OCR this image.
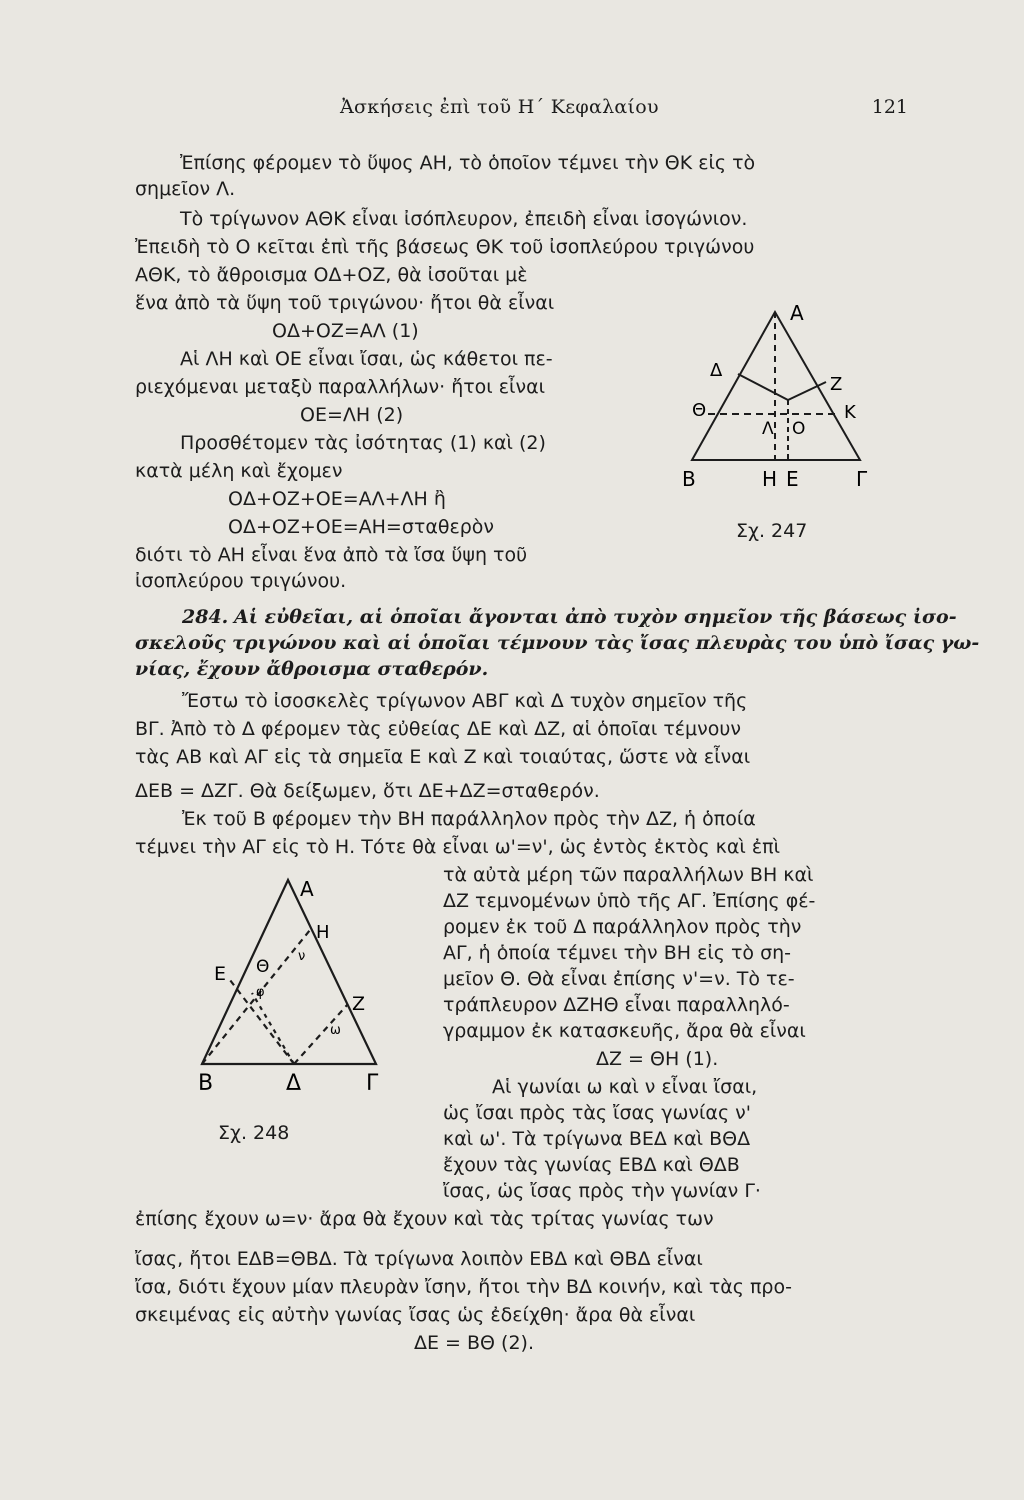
Ἀσκήσεις ἐπὶ τοῦ Η΄ Κεφαλαίου	121
Ἐπίσης φέρομεν τὸ ὕψος ΑΗ, τὸ ὁποῖον τέμνει τὴν ΘΚ εἰς τὸ
σημεῖον Λ.
Τὸ τρίγωνον ΑΘΚ εἶναι ἰσόπλευρον, ἐπειδὴ εἶναι ἰσογώνιον.
Ἐπειδὴ τὸ Ο κεῖται ἐπὶ τῆς βάσεως ΘΚ τοῦ ἰσοπλεύρου τριγώνου
ΑΘΚ, τὸ ἄθροισμα ΟΔ+ΟΖ, θὰ ἰσοῦται μὲ
ἕνα ἀπὸ τὰ ὕψη τοῦ τριγώνου· ἤτοι θὰ εἶναι
ΟΔ+ΟΖ=ΑΛ (1)
Αἱ ΛΗ καὶ ΟΕ εἶναι ἴσαι, ὡς κάθετοι πε-
ριεχόμεναι μεταξὺ παραλλήλων· ἤτοι εἶναι
ΟΕ=ΛΗ (2)
Προσθέτομεν τὰς ἰσότητας (1) καὶ (2)
κατὰ μέλη καὶ ἔχομεν
ΟΔ+ΟΖ+ΟΕ=ΑΛ+ΛΗ ἢ
ΟΔ+ΟΖ+ΟΕ=ΑΗ=σταθερὸν
διότι τὸ ΑΗ εἶναι ἕνα ἀπὸ τὰ ἴσα ὕψη τοῦ
ἰσοπλεύρου τριγώνου.
Α
Δ
Ζ
Θ	Κ
Λ Ο
Β	Η Ε	Γ
Σχ. 247
284. Αἱ εὐθεῖαι, αἱ ὁποῖαι ἄγονται ἀπὸ τυχὸν σημεῖον τῆς βάσεως ἰσο-
σκελοῦς τριγώνου καὶ αἱ ὁποῖαι τέμνουν τὰς ἴσας πλευρὰς του ὑπὸ ἴσας γω-
νίας, ἔχουν ἄθροισμα σταθερόν.
Ἔστω τὸ ἰσοσκελὲς τρίγωνον ΑΒΓ καὶ Δ τυχὸν σημεῖον τῆς
ΒΓ. Ἀπὸ τὸ Δ φέρομεν τὰς εὐθείας ΔΕ καὶ ΔΖ, αἱ ὁποῖαι τέμνουν
τὰς ΑΒ καὶ ΑΓ εἰς τὰ σημεῖα Ε καὶ Ζ καὶ τοιαύτας, ὥστε νὰ εἶναι
ΔΕΒ = ΔΖΓ. Θὰ δείξωμεν, ὅτι ΔΕ+ΔΖ=σταθερόν.
Ἐκ τοῦ Β φέρομεν τὴν ΒΗ παράλληλον πρὸς τὴν ΔΖ, ἡ ὁποία
τέμνει τὴν ΑΓ εἰς τὸ Η. Τότε θὰ εἶναι ω'=ν', ὡς ἐντὸς ἐκτὸς καὶ ἐπὶ
τὰ αὐτὰ μέρη τῶν παραλλήλων ΒΗ καὶ
ΔΖ τεμνομένων ὑπὸ τῆς ΑΓ. Ἐπίσης φέ-
ρομεν ἐκ τοῦ Δ παράλληλον πρὸς τὴν
ΑΓ, ἡ ὁποία τέμνει τὴν ΒΗ εἰς τὸ ση-
μεῖον Θ. Θὰ εἶναι ἐπίσης ν'=ν. Τὸ τε-
τράπλευρον ΔΖΗΘ εἶναι παραλληλό-
γραμμον ἐκ κατασκευῆς, ἄρα θὰ εἶναι
ΔΖ = ΘΗ (1).
Αἱ γωνίαι ω καὶ ν εἶναι ἴσαι,
ὡς ἴσαι πρὸς τὰς ἴσας γωνίας ν'
καὶ ω'. Τὰ τρίγωνα ΒΕΔ καὶ ΒΘΔ
ἔχουν τὰς γωνίας ΕΒΔ καὶ ΘΔΒ
ἴσας, ὡς ἴσας πρὸς τὴν γωνίαν Γ·
Α
Η
Ε Θ
Ζ
ν
φ
ω
Β	Δ	Γ
Σχ. 248
ἐπίσης ἔχουν ω=ν· ἄρα θὰ ἔχουν καὶ τὰς τρίτας γωνίας των
ἴσας, ἤτοι ΕΔΒ=ΘΒΔ. Τὰ τρίγωνα λοιπὸν ΕΒΔ καὶ ΘΒΔ εἶναι
ἴσα, διότι ἔχουν μίαν πλευρὰν ἴσην, ἤτοι τὴν ΒΔ κοινήν, καὶ τὰς προ-
σκειμένας εἰς αὐτὴν γωνίας ἴσας ὡς ἐδείχθη· ἄρα θὰ εἶναι
ΔΕ = ΒΘ (2).
